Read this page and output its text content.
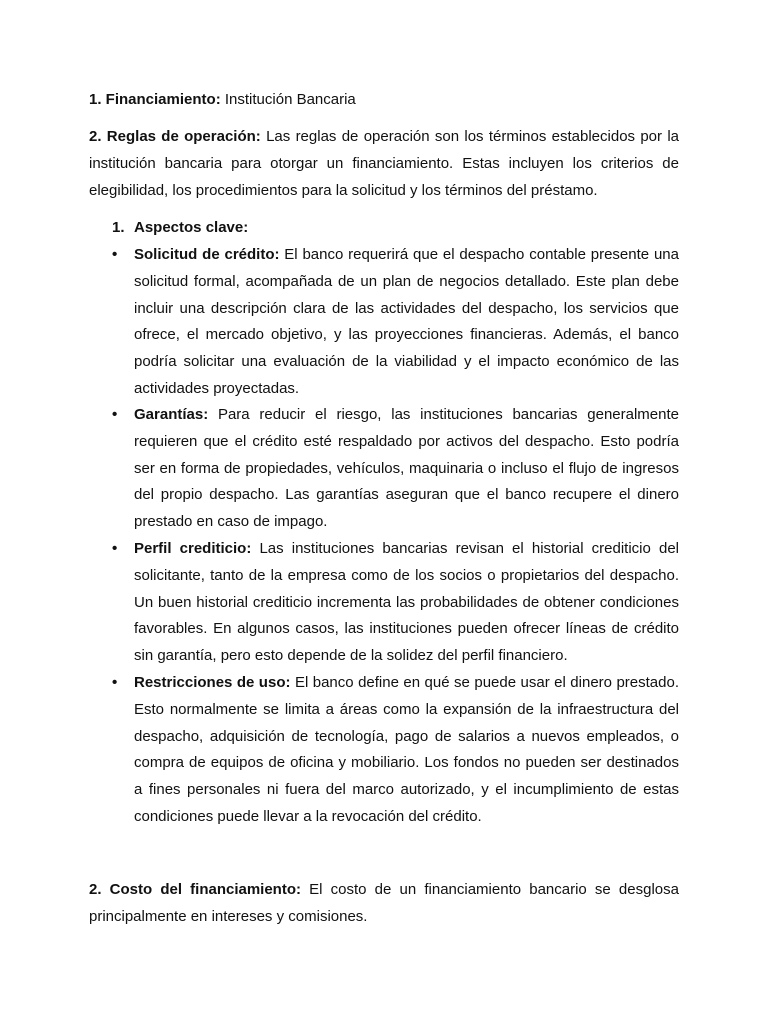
1. Financiamiento: Institución Bancaria

2. Reglas de operación: Las reglas de operación son los términos establecidos por la institución bancaria para otorgar un financiamiento. Estas incluyen los criterios de elegibilidad, los procedimientos para la solicitud y los términos del préstamo.

1. Aspectos clave:
• Solicitud de crédito: El banco requerirá que el despacho contable presente una solicitud formal, acompañada de un plan de negocios detallado. Este plan debe incluir una descripción clara de las actividades del despacho, los servicios que ofrece, el mercado objetivo, y las proyecciones financieras. Además, el banco podría solicitar una evaluación de la viabilidad y el impacto económico de las actividades proyectadas.
• Garantías: Para reducir el riesgo, las instituciones bancarias generalmente requieren que el crédito esté respaldado por activos del despacho. Esto podría ser en forma de propiedades, vehículos, maquinaria o incluso el flujo de ingresos del propio despacho. Las garantías aseguran que el banco recupere el dinero prestado en caso de impago.
• Perfil crediticio: Las instituciones bancarias revisan el historial crediticio del solicitante, tanto de la empresa como de los socios o propietarios del despacho. Un buen historial crediticio incrementa las probabilidades de obtener condiciones favorables. En algunos casos, las instituciones pueden ofrecer líneas de crédito sin garantía, pero esto depende de la solidez del perfil financiero.
• Restricciones de uso: El banco define en qué se puede usar el dinero prestado. Esto normalmente se limita a áreas como la expansión de la infraestructura del despacho, adquisición de tecnología, pago de salarios a nuevos empleados, o compra de equipos de oficina y mobiliario. Los fondos no pueden ser destinados a fines personales ni fuera del marco autorizado, y el incumplimiento de estas condiciones puede llevar a la revocación del crédito.

2. Costo del financiamiento: El costo de un financiamiento bancario se desglosa principalmente en intereses y comisiones.
